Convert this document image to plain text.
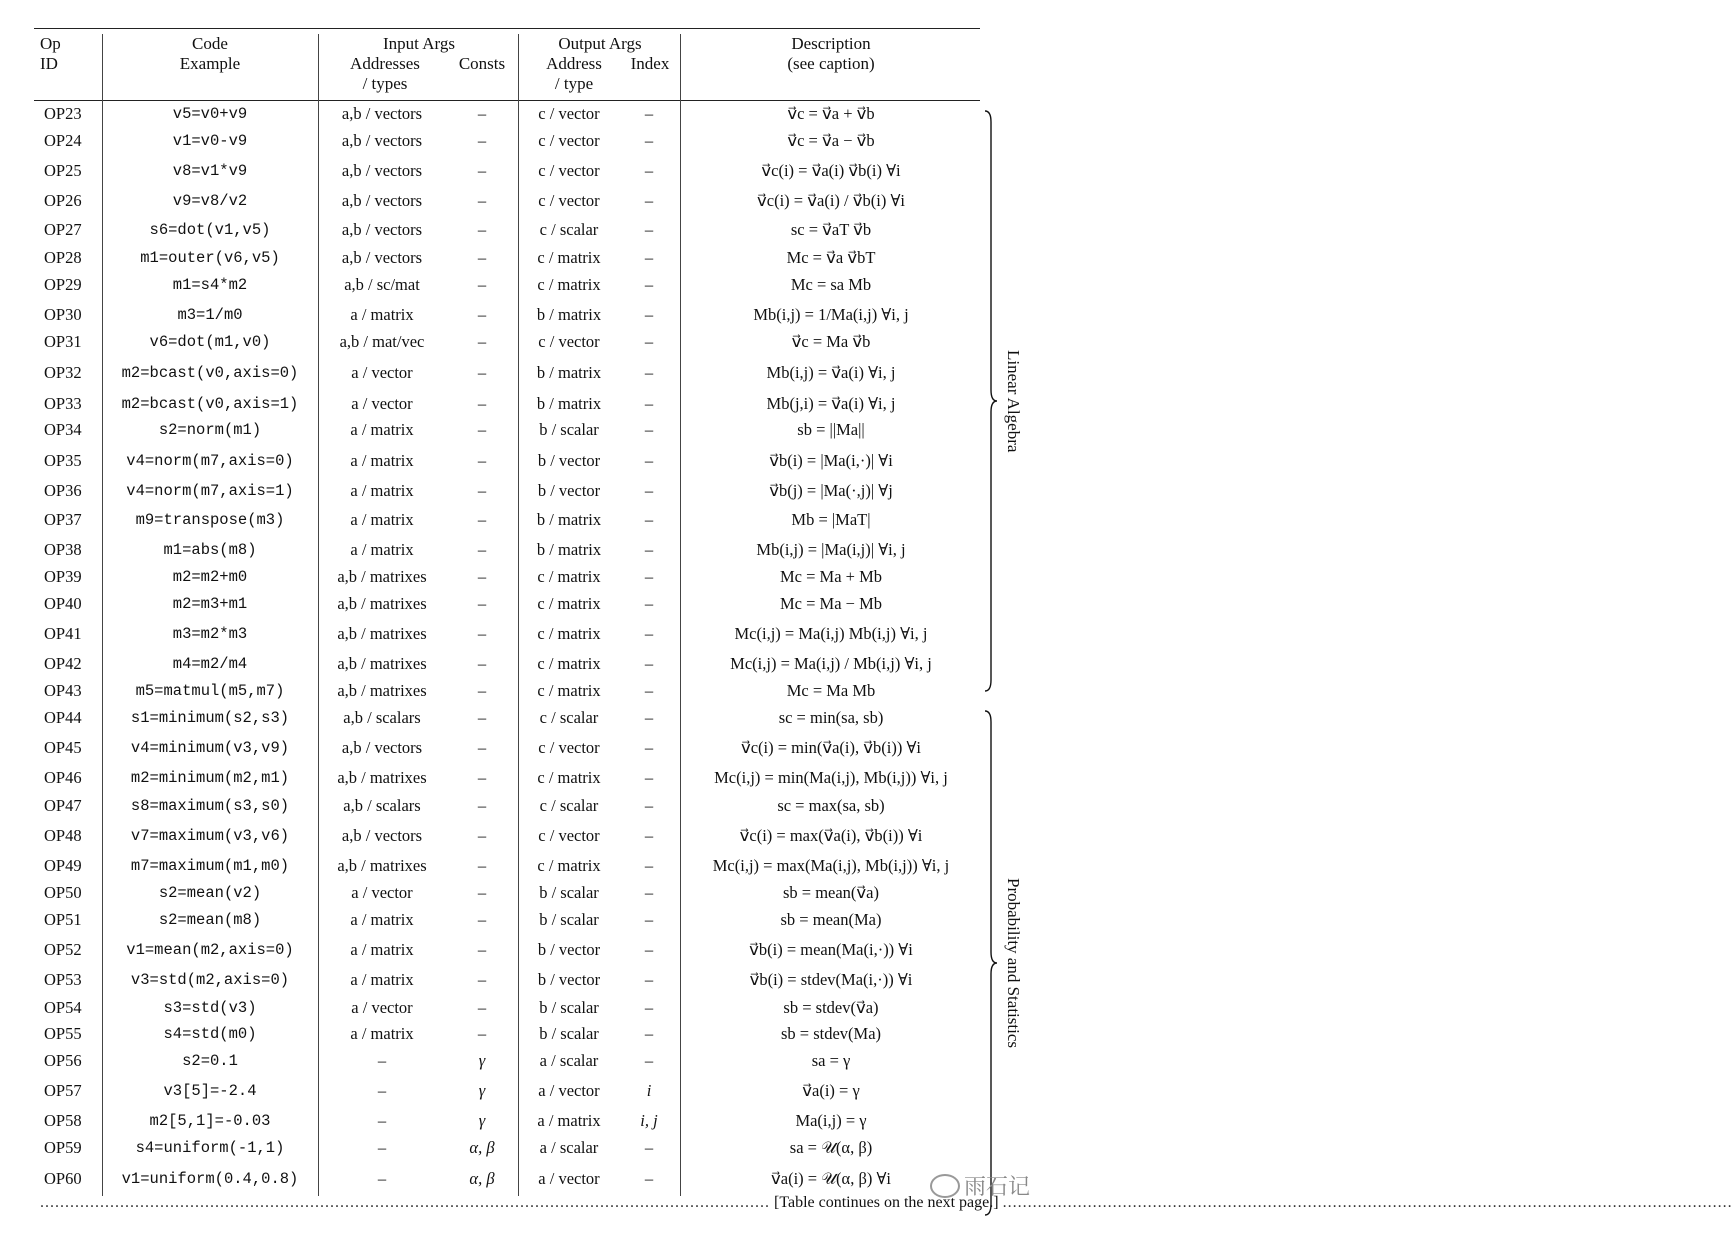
Op
ID
Code
Example
Input Args
Addresses
/ types
Consts
Output Args
Address
/ type
Index
Description
(see caption)
OP23
OP24
OP25
OP26
OP27
OP28
OP29
OP30
OP31
OP32
OP33
OP34
OP35
OP36
OP37
OP38
OP39
OP40
OP41
OP42
OP43
OP44
OP45
OP46
OP47
OP48
OP49
OP50
OP51
OP52
OP53
OP54
OP55
OP56
OP57
OP58
OP59
OP60
v5=v0+v9
v1=v0-v9
v8=v1*v9
v9=v8/v2
s6=dot(v1,v5)
m1=outer(v6,v5)
m1=s4*m2
m3=1/m0
v6=dot(m1,v0)
m2=bcast(v0,axis=0)
m2=bcast(v0,axis=1)
s2=norm(m1)
v4=norm(m7,axis=0)
v4=norm(m7,axis=1)
m9=transpose(m3)
m1=abs(m8)
m2=m2+m0
m2=m3+m1
m3=m2*m3
m4=m2/m4
m5=matmul(m5,m7)
s1=minimum(s2,s3)
v4=minimum(v3,v9)
m2=minimum(m2,m1)
s8=maximum(s3,s0)
v7=maximum(v3,v6)
m7=maximum(m1,m0)
s2=mean(v2)
s2=mean(m8)
v1=mean(m2,axis=0)
v3=std(m2,axis=0)
s3=std(v3)
s4=std(m0)
s2=0.1
v3[5]=-2.4
m2[5,1]=-0.03
s4=uniform(-1,1)
v1=uniform(0.4,0.8)
a,b / vectors
a,b / vectors
a,b / vectors
a,b / vectors
a,b / vectors
a,b / vectors
a,b / sc/mat
a / matrix
a,b / mat/vec
a / vector
a / vector
a / matrix
a / matrix
a / matrix
a / matrix
a / matrix
a,b / matrixes
a,b / matrixes
a,b / matrixes
a,b / matrixes
a,b / matrixes
a,b / scalars
a,b / vectors
a,b / matrixes
a,b / scalars
a,b / vectors
a,b / matrixes
a / vector
a / matrix
a / matrix
a / matrix
a / vector
a / matrix
–
–
–
–
–
–
–
–
–
–
–
–
–
–
–
–
–
–
–
–
–
–
–
–
–
–
–
–
–
–
–
–
–
–
–
–
–
–
γ
γ
γ
α, β
α, β
c / vector
c / vector
c / vector
c / vector
c / scalar
c / matrix
c / matrix
b / matrix
c / vector
b / matrix
b / matrix
b / scalar
b / vector
b / vector
b / matrix
b / matrix
c / matrix
c / matrix
c / matrix
c / matrix
c / matrix
c / scalar
c / vector
c / matrix
c / scalar
c / vector
c / matrix
b / scalar
b / scalar
b / vector
b / vector
b / scalar
b / scalar
a / scalar
a / vector
a / matrix
a / scalar
a / vector
–
–
–
–
–
–
–
–
–
–
–
–
–
–
–
–
–
–
–
–
–
–
–
–
–
–
–
–
–
–
–
–
–
–
i
i, j
–
–
v⃗c = v⃗a + v⃗b
v⃗c = v⃗a − v⃗b
v⃗c(i) = v⃗a(i) v⃗b(i) ∀i
v⃗c(i) = v⃗a(i) / v⃗b(i) ∀i
sc = v⃗aT v⃗b
Mc = v⃗a v⃗bT
Mc = sa Mb
Mb(i,j) = 1/Ma(i,j) ∀i, j
v⃗c = Ma v⃗b
Mb(i,j) = v⃗a(i) ∀i, j
Mb(j,i) = v⃗a(i) ∀i, j
sb = ||Ma||
v⃗b(i) = |Ma(i,·)| ∀i
v⃗b(j) = |Ma(·,j)| ∀j
Mb = |MaT|
Mb(i,j) = |Ma(i,j)| ∀i, j
Mc = Ma + Mb
Mc = Ma − Mb
Mc(i,j) = Ma(i,j) Mb(i,j) ∀i, j
Mc(i,j) = Ma(i,j) / Mb(i,j) ∀i, j
Mc = Ma Mb
sc = min(sa, sb)
v⃗c(i) = min(v⃗a(i), v⃗b(i)) ∀i
Mc(i,j) = min(Ma(i,j), Mb(i,j)) ∀i, j
sc = max(sa, sb)
v⃗c(i) = max(v⃗a(i), v⃗b(i)) ∀i
Mc(i,j) = max(Ma(i,j), Mb(i,j)) ∀i, j
sb = mean(v⃗a)
sb = mean(Ma)
v⃗b(i) = mean(Ma(i,·)) ∀i
v⃗b(i) = stdev(Ma(i,·)) ∀i
sb = stdev(v⃗a)
sb = stdev(Ma)
sa = γ
v⃗a(i) = γ
Ma(i,j) = γ
sa = 𝒰(α, β)
v⃗a(i) = 𝒰(α, β) ∀i
Linear Algebra
Probability and Statistics
.................................................................................................................................................. [Table continues on the next page.] ..................................................................................................................................................
雨石记
